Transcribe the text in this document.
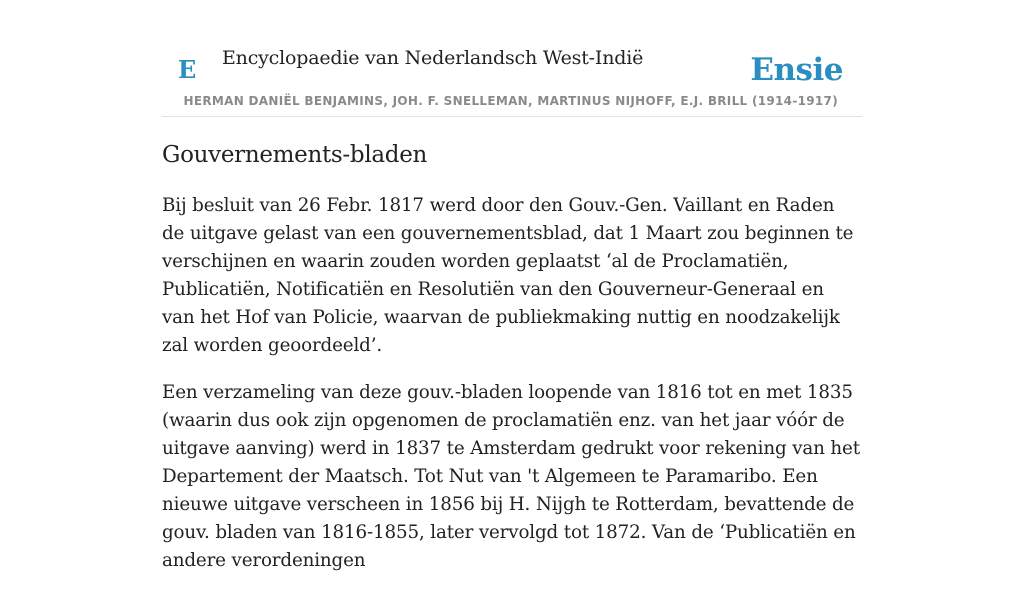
E Encyclopaedie van Nederlandsch West-Indië	Ensie
HERMAN DANIËL BENJAMINS, JOH. F. SNELLEMAN, MARTINUS NIJHOFF, E.J. BRILL (1914-1917)
Gouvernements-bladen

Bij besluit van 26 Febr. 1817 werd door den Gouv.-Gen. Vaillant en Raden de uitgave gelast van een gouvernementsblad, dat 1 Maart zou beginnen te verschijnen en waarin zouden worden geplaatst ‘al de Proclamatiën, Publicatiën, Notificatiën en Resolutiën van den Gouverneur-Generaal en van het Hof van Policie, waarvan de publiekmaking nuttig en noodzakelijk zal worden geoordeeld’.

Een verzameling van deze gouv.-bladen loopende van 1816 tot en met 1835 (waarin dus ook zijn opgenomen de proclamatiën enz. van het jaar vóór de uitgave aanving) werd in 1837 te Amsterdam gedrukt voor rekening van het Departement der Maatsch. Tot Nut van 't Algemeen te Paramaribo. Een nieuwe uitgave verscheen in 1856 bij H. Nijgh te Rotterdam, bevattende de gouv. bladen van 1816-1855, later vervolgd tot 1872. Van de ‘Publicatiën en andere verordeningen
